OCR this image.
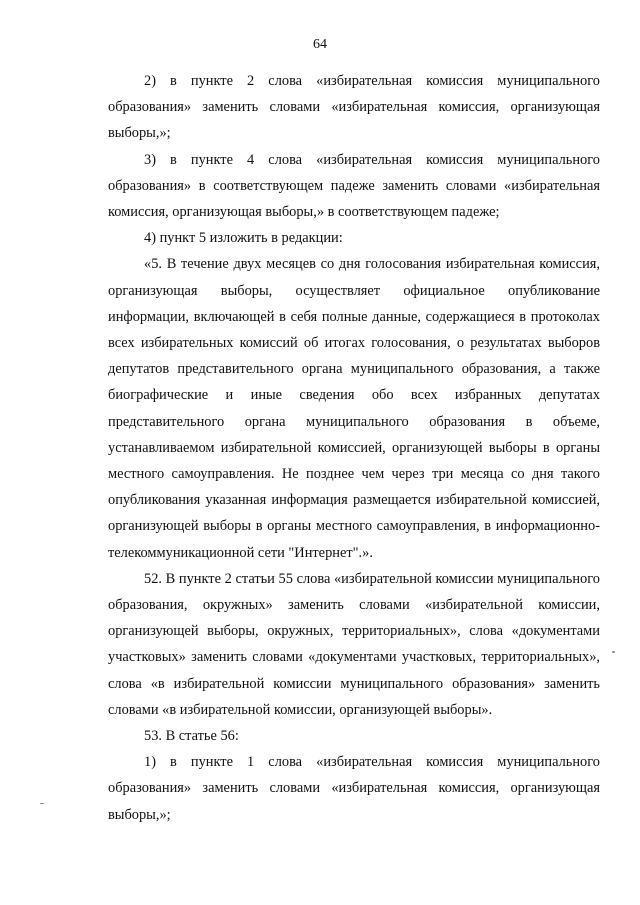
64

2) в пункте 2 слова «избирательная комиссия муниципального образования» заменить словами «избирательная комиссия, организующая выборы,»;

3) в пункте 4 слова «избирательная комиссия муниципального образования» в соответствующем падеже заменить словами «избирательная комиссия, организующая выборы,» в соответствующем падеже;

4) пункт 5 изложить в редакции:

«5. В течение двух месяцев со дня голосования избирательная комиссия, организующая выборы, осуществляет официальное опубликование информации, включающей в себя полные данные, содержащиеся в протоколах всех избирательных комиссий об итогах голосования, о результатах выборов депутатов представительного органа муниципального образования, а также биографические и иные сведения обо всех избранных депутатах представительного органа муниципального образования в объеме, устанавливаемом избирательной комиссией, организующей выборы в органы местного самоуправления. Не позднее чем через три месяца со дня такого опубликования указанная информация размещается избирательной комиссией, организующей выборы в органы местного самоуправления, в информационно-телекоммуникационной сети "Интернет".».

52. В пункте 2 статьи 55 слова «избирательной комиссии муниципального образования, окружных» заменить словами «избирательной комиссии, организующей выборы, окружных, территориальных», слова «документами участковых» заменить словами «документами участковых, территориальных», слова «в избирательной комиссии муниципального образования» заменить словами «в избирательной комиссии, организующей выборы».

53. В статье 56:

1) в пункте 1 слова «избирательная комиссия муниципального образования» заменить словами «избирательная комиссия, организующая выборы,»;
